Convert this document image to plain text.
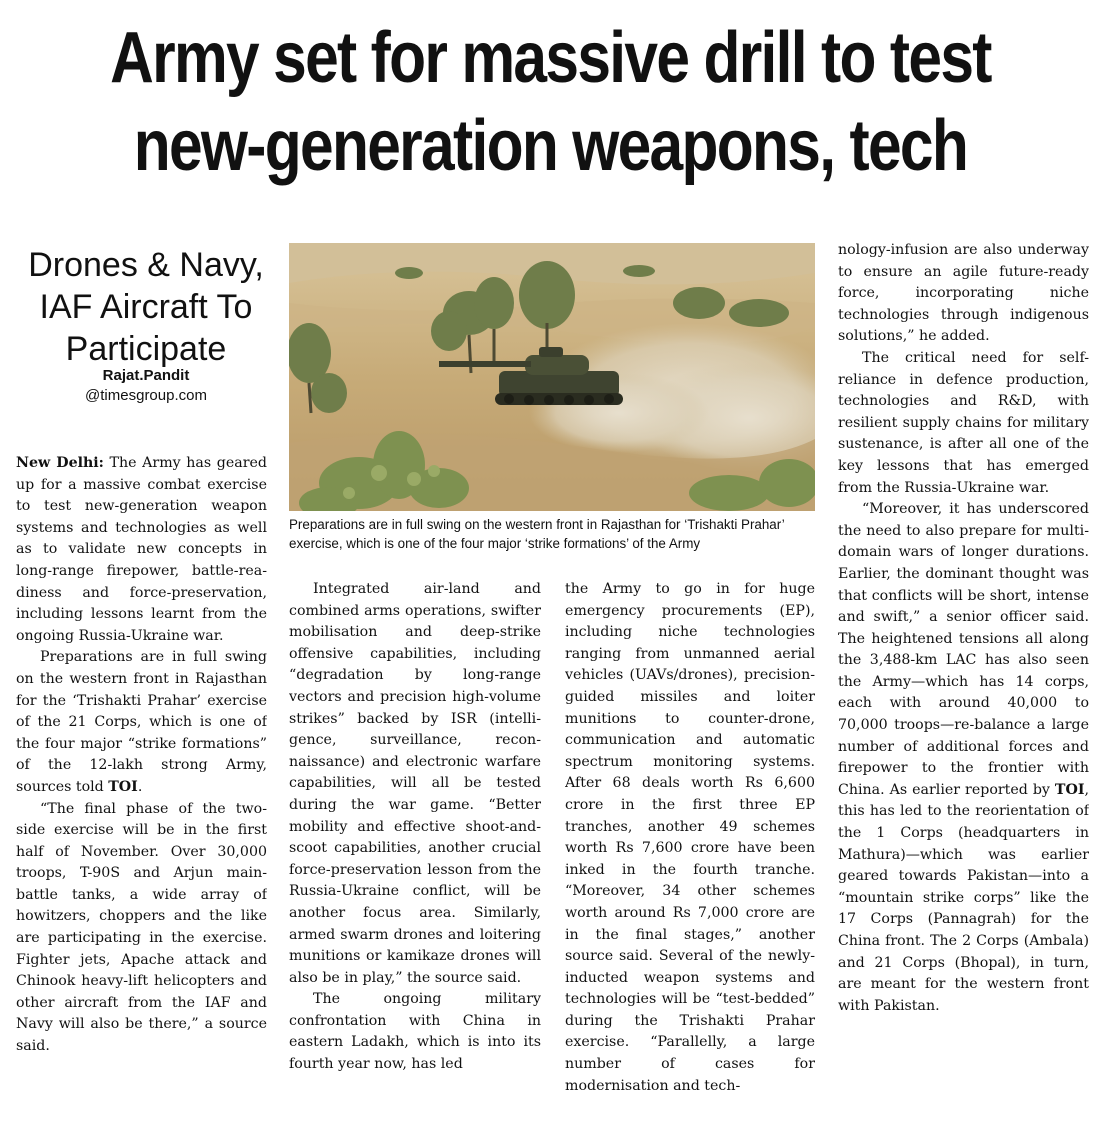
Army set for massive drill to test
new-generation weapons, tech
Drones & Navy, IAF Aircraft To Participate
Rajat.Pandit
@timesgroup.com

New Delhi: The Army has geared up for a massive combat exercise to test new-generation weapon systems and technologies as well as to validate new concepts in long-range firepower, battle-readiness and force-preservation, including lessons learnt from the ongoing Russia-Ukraine war.

Preparations are in full swing on the western front in Rajasthan for the ‘Trishakti Prahar’ exercise of the 21 Corps, which is one of the four major “strike formations” of the 12-lakh strong Army, sources told TOI.

“The final phase of the two-side exercise will be in the first half of November. Over 30,000 troops, T-90S and Arjun main-battle tanks, a wide array of howitzers, choppers and the like are participating in the exercise. Fighter jets, Apache attack and Chinook heavy-lift helicopters and other aircraft from the IAF and Navy will also be there,” a source said.

Preparations are in full swing on the western front in Rajasthan for ‘Trishakti Prahar’ exercise, which is one of the four major ‘strike formations’ of the Army

Integrated air-land and combined arms operations, swifter mobilisation and deep-strike offensive capabilities, including “degradation by long-range vectors and precision high-volume strikes” backed by ISR (intelligence, surveillance, reconnaissance) and electronic warfare capabilities, will all be tested during the war game. “Better mobility and effective shoot-and-scoot capabilities, another crucial force-preservation lesson from the Russia-Ukraine conflict, will be another focus area. Similarly, armed swarm drones and loitering munitions or kamikaze drones will also be in play,” the source said.

The ongoing military confrontation with China in eastern Ladakh, which is into its fourth year now, has led

the Army to go in for huge emergency procurements (EP), including niche technologies ranging from unmanned aerial vehicles (UAVs/drones), precision-guided missiles and loiter munitions to counter-drone, communication and automatic spectrum monitoring systems. After 68 deals worth Rs 6,600 crore in the first three EP tranches, another 49 schemes worth Rs 7,600 crore have been inked in the fourth tranche. “Moreover, 34 other schemes worth around Rs 7,000 crore are in the final stages,” another source said. Several of the newly-inducted weapon systems and technologies will be “test-bedded” during the Trishakti Prahar exercise. “Parallelly, a large number of cases for modernisation and tech-

nology-infusion are also underway to ensure an agile future-ready force, incorporating niche technologies through indigenous solutions,” he added.

The critical need for self-reliance in defence production, technologies and R&D, with resilient supply chains for military sustenance, is after all one of the key lessons that has emerged from the Russia-Ukraine war.

“Moreover, it has underscored the need to also prepare for multi-domain wars of longer durations. Earlier, the dominant thought was that conflicts will be short, intense and swift,” a senior officer said. The heightened tensions all along the 3,488-km LAC has also seen the Army—which has 14 corps, each with around 40,000 to 70,000 troops—re-balance a large number of additional forces and firepower to the frontier with China. As earlier reported by TOI, this has led to the reorientation of the 1 Corps (headquarters in Mathura)—which was earlier geared towards Pakistan—into a “mountain strike corps” like the 17 Corps (Pannagrah) for the China front. The 2 Corps (Ambala) and 21 Corps (Bhopal), in turn, are meant for the western front with Pakistan.
